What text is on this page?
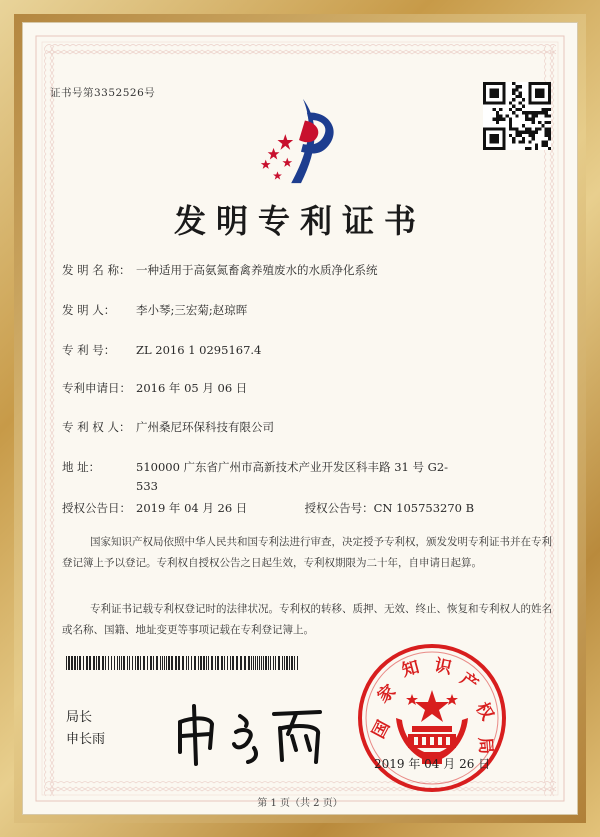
证书号第3352526号
发明专利证书
发 明 名 称： 一种适用于高氨氮畜禽养殖废水的水质净化系统
发 明 人： 李小琴;三宏菊;赵琼晖
专 利 号： ZL 2016 1 0295167.4
专利申请日： 2016 年 05 月 06 日
专 利 权 人： 广州桑尼环保科技有限公司
地 址：	510000 广东省广州市高新技术产业开发区科丰路 31 号 G2-
533
授权公告日： 2019 年 04 月 26 日	授权公告号：CN 105753270 B
国家知识产权局依照中华人民共和国专利法进行审查，决定授予专利权，颁发发明专利证书并在专利登记簿上予以登记。专利权自授权公告之日起生效，专利权期限为二十年，自申请日起算。
专利证书记载专利权登记时的法律状况。专利权的转移、质押、无效、终止、恢复和专利权人的姓名或名称、国籍、地址变更等事项记载在专利登记簿上。
局长
申长雨	国
家
知 识
产
权
局
2019 年 04 月 26 日
第 1 页（共 2 页）
